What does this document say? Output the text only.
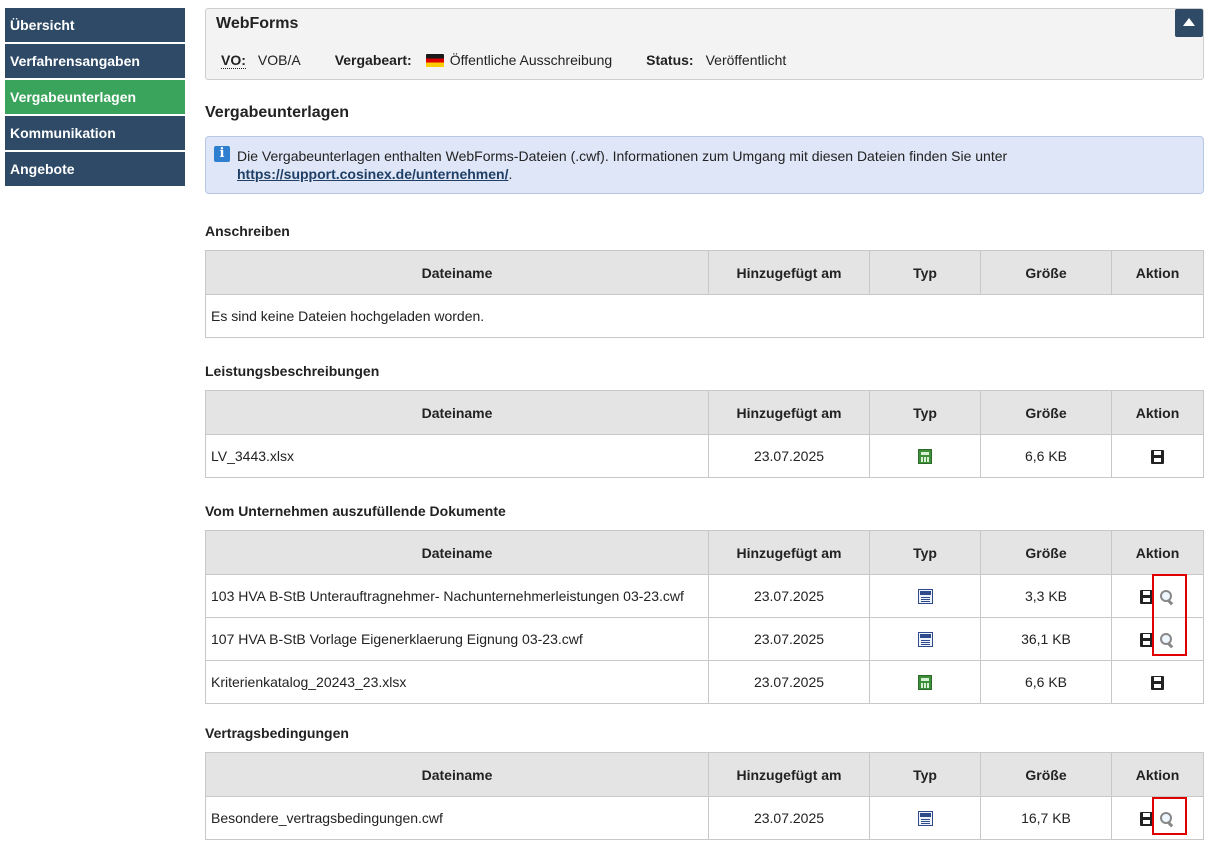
Übersicht
Verfahrensangaben
Vergabeunterlagen
Kommunikation
Angebote
WebForms
VO: VOB/A Vergabeart:	Öffentliche Ausschreibung Status: Veröffentlicht
Vergabeunterlagen
i Die Vergabeunterlagen enthalten WebForms-Dateien (.cwf). Informationen zum Umgang mit diesen Dateien finden Sie unter
https://support.cosinex.de/unternehmen/.
Anschreiben
Dateiname	Hinzugefügt am	Typ	Größe	Aktion
Es sind keine Dateien hochgeladen worden.
Leistungsbeschreibungen
Dateiname	Hinzugefügt am	Typ	Größe	Aktion
LV_3443.xlsx	23.07.2025		6,6 KB	
Vom Unternehmen auszufüllende Dokumente
Dateiname	Hinzugefügt am	Typ	Größe	Aktion
103 HVA B-StB Unterauftragnehmer- Nachunternehmerleistungen 03-23.cwf	23.07.2025		3,3 KB	
107 HVA B-StB Vorlage Eigenerklaerung Eignung 03-23.cwf	23.07.2025		36,1 KB	
Kriterienkatalog_20243_23.xlsx	23.07.2025		6,6 KB	
Vertragsbedingungen
Dateiname	Hinzugefügt am	Typ	Größe	Aktion
Besondere_vertragsbedingungen.cwf	23.07.2025		16,7 KB	
